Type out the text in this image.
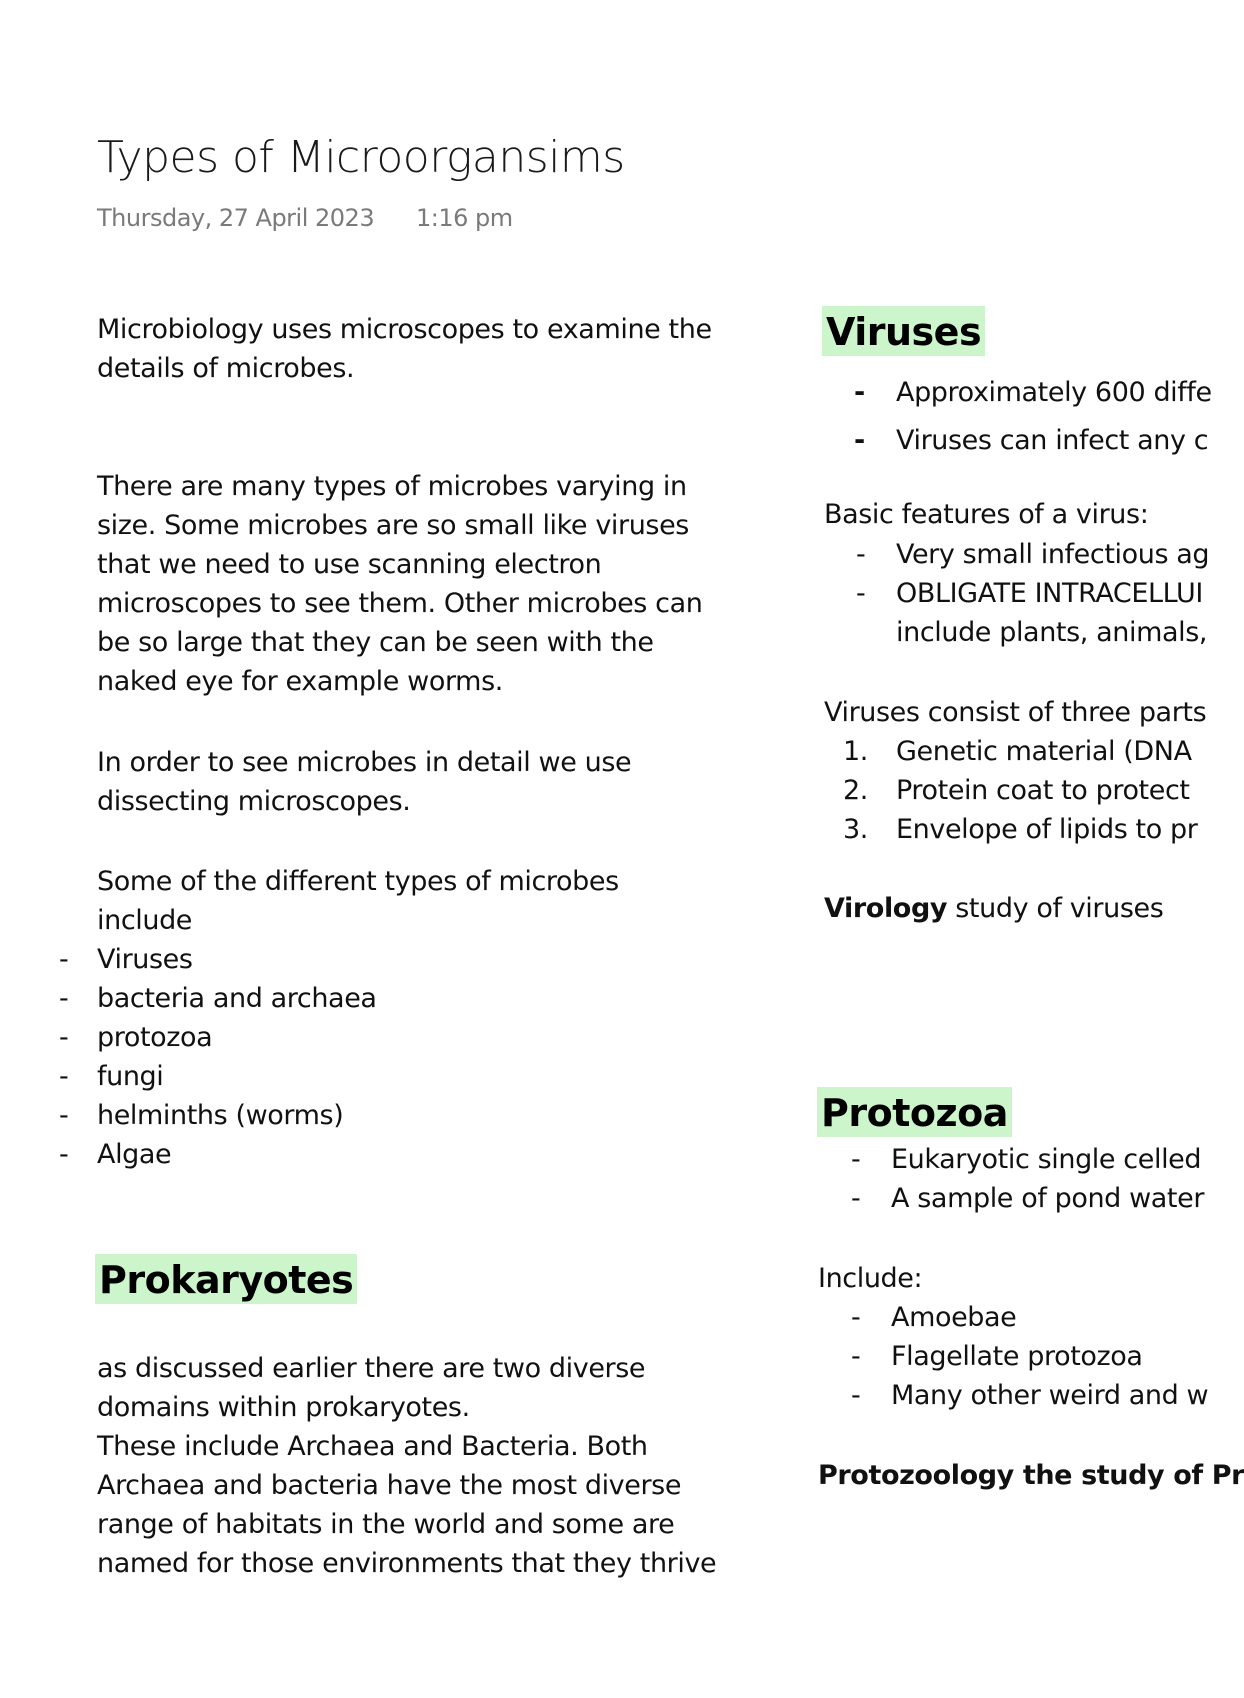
Types of Microorgansims
Thursday, 27 April 2023 1:16 pm
Microbiology uses microscopes to examine the
details of microbes.
There are many types of microbes varying in
size. Some microbes are so small like viruses
that we need to use scanning electron
microscopes to see them. Other microbes can
be so large that they can be seen with the
naked eye for example worms.
In order to see microbes in detail we use
dissecting microscopes.
Some of the different types of microbes
include
- Viruses
- bacteria and archaea
- protozoa
- fungi
- helminths (worms)
- Algae
Prokaryotes
as discussed earlier there are two diverse
domains within prokaryotes.
These include Archaea and Bacteria. Both
Archaea and bacteria have the most diverse
range of habitats in the world and some are
named for those environments that they thrive
Viruses
- Approximately 600 diffe
- Viruses can infect any c
Basic features of a virus:
- Very small infectious ag
- OBLIGATE INTRACELLUI
include plants, animals,
Viruses consist of three parts
1. Genetic material (DNA
2. Protein coat to protect
3. Envelope of lipids to pr
Virology study of viruses
Protozoa
- Eukaryotic single celled
- A sample of pond water
Include:
- Amoebae
- Flagellate protozoa
- Many other weird and w
Protozoology the study of Pr
